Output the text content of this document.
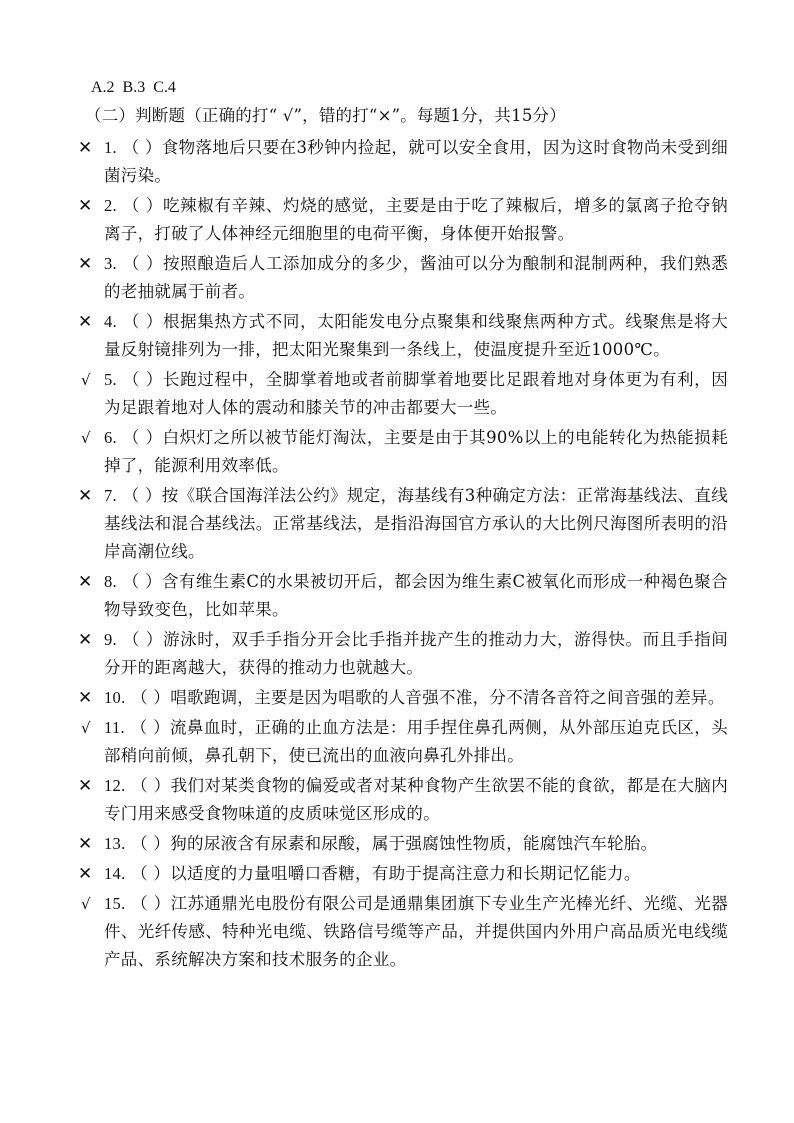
A.2  B.3  C.4
（二）判断题（正确的打“ √”，错的打“×”。每题1分，共15分）
✕ 1. （ ）食物落地后只要在3秒钟内捡起，就可以安全食用，因为这时食物尚未受到细菌污染。
✕ 2. （ ）吃辣椒有辛辣、灼烧的感觉，主要是由于吃了辣椒后，增多的氯离子抢夺钠离子，打破了人体神经元细胞里的电荷平衡，身体便开始报警。
✕ 3. （ ）按照酿造后人工添加成分的多少，酱油可以分为酿制和混制两种，我们熟悉的老抽就属于前者。
✕ 4. （ ）根据集热方式不同，太阳能发电分点聚集和线聚焦两种方式。线聚焦是将大量反射镜排列为一排，把太阳光聚集到一条线上，使温度提升至近1000℃。
√ 5. （ ）长跑过程中，全脚掌着地或者前脚掌着地要比足跟着地对身体更为有利，因为足跟着地对人体的震动和膝关节的冲击都要大一些。
√ 6. （ ）白炽灯之所以被节能灯淘汰，主要是由于其90%以上的电能转化为热能损耗掉了，能源利用效率低。
✕ 7. （ ）按《联合国海洋法公约》规定，海基线有3种确定方法：正常海基线法、直线基线法和混合基线法。正常基线法，是指沿海国官方承认的大比例尺海图所表明的沿岸高潮位线。
✕ 8. （ ）含有维生素C的水果被切开后，都会因为维生素C被氧化而形成一种褐色聚合物导致变色，比如苹果。
✕ 9. （ ）游泳时，双手手指分开会比手指并拢产生的推动力大，游得快。而且手指间分开的距离越大，获得的推动力也就越大。
✕ 10. （ ）唱歌跑调，主要是因为唱歌的人音强不准，分不清各音符之间音强的差异。
√ 11. （ ）流鼻血时，正确的止血方法是：用手捏住鼻孔两侧，从外部压迫克氏区，头部稍向前倾，鼻孔朝下，使已流出的血液向鼻孔外排出。
✕ 12. （ ）我们对某类食物的偏爱或者对某种食物产生欲罢不能的食欲，都是在大脑内专门用来感受食物味道的皮质味觉区形成的。
✕ 13. （ ）狗的尿液含有尿素和尿酸，属于强腐蚀性物质，能腐蚀汽车轮胎。
✕ 14. （ ）以适度的力量咀嚼口香糖，有助于提高注意力和长期记忆能力。
√ 15. （ ）江苏通鼎光电股份有限公司是通鼎集团旗下专业生产光棒光纤、光缆、光器件、光纤传感、特种光电缆、铁路信号缆等产品，并提供国内外用户高品质光电线缆产品、系统解决方案和技术服务的企业。
